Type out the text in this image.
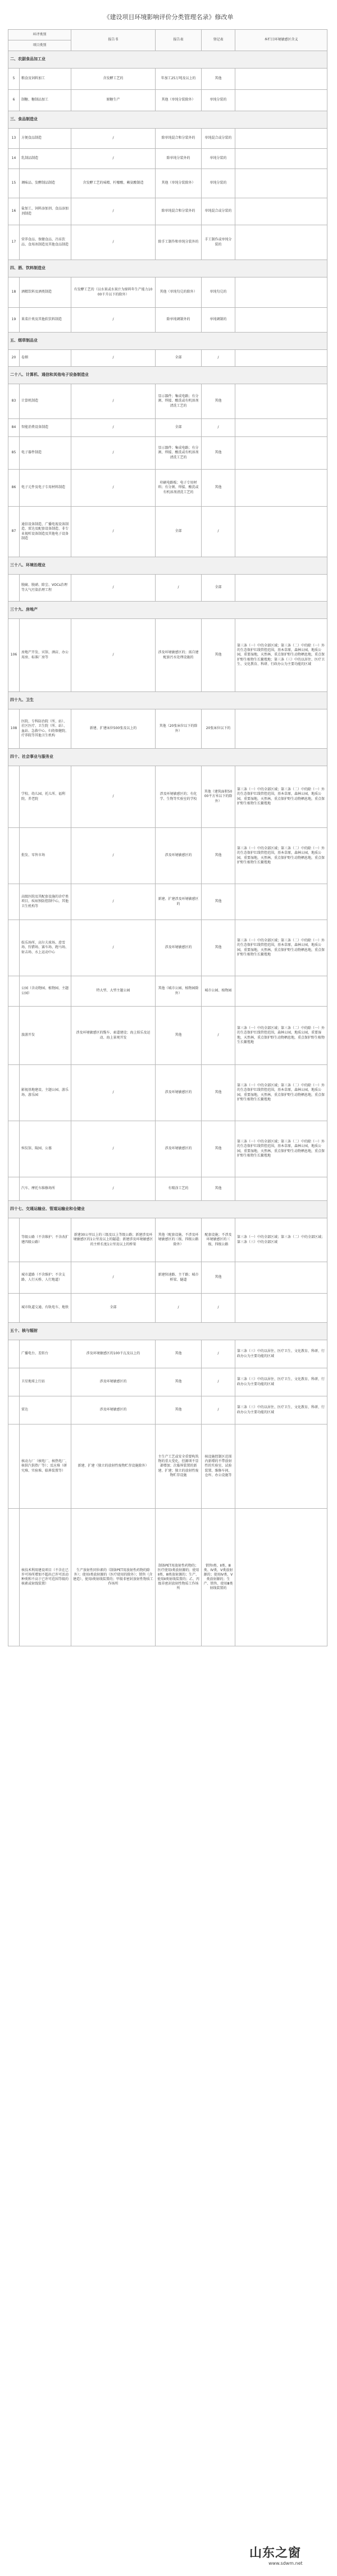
《建设项目环境影响评价分类管理名录》修改单
环评类别		报告书	报告表	登记表	本栏目环境敏感区含义
项目类别					
二、农副食品加工业					
5	粮食及饲料加工	含发酵工艺的	年加工25万吨及以上的	其他	
6	制糖、糖制品加工	原糖生产	其他（单纯分装除外）	单纯分装的	
三、食品制造业					
13	方便食品制造	/	除单纯混合和分装外的	单纯混合或分装的	
14	乳制品制造	/	除单纯分装外的	单纯分装的	
15	调味品、发酵制品制造	含发酵工艺的味精、柠檬酸、赖氨酸制造	其他（单纯分装除外）	单纯分装的	
16	盐加工、饲料添加剂、食品添加剂制造	/	除单纯混合和分装外的	单纯混合或分装的	
17	营养食品、保健食品、冷冻饮品、食用冰制造及其他食品制造	/	除手工制作和单纯分装外的	手工制作或单纯分装的	
四、酒、饮料制造业					
18	酒精饮料及酒类制造	有发酵工艺的（以水果或水果汁为原料年生产能力1000千升以下的除外）	其他（单纯勾兑的除外）	单纯勾兑的	
19	果菜汁类及其他软饮料制造	/	除单纯调制外的	单纯调制的	
五、烟草制品业					
20	卷烟	/	全部	/	
二十八、计算机、通信和其他电子设备制造业					
83	计算机制造	/	显示器件；集成电路；有分割、焊接、酸洗或有机溶剂清洗工艺的	其他	
84	智能消费设备制造	/	全部	/	
85	电子器件制造	/	显示器件；集成电路；有分割、焊接、酸洗或有机溶剂清洗工艺的	其他	
86	电子元件及电子专用材料制造	/	印刷电路板；电子专用材料；有分割、焊接、酸洗或有机溶剂清洗工艺的	其他	
87	通信设备制造、广播电视设备制造、雷达及配套设备制造、非专业视听设备制造及其他电子设备制造	/	全部	/	
三十八、环境治理业					
	脱硫、脱硝、除尘、VOCs治理等大气污染治理工程	/	/	全部	
三十九、房地产					
106	房地产开发、宾馆、酒店、办公用房、标准厂房等	/	涉及环境敏感区的；需自建配套污水处理设施的	其他	第三条（一）中的全部区域；第三条（二）中的除（一）外的生态保护红线管控范围，基本草原，森林公园，地质公园，重要湿地，天然林，重点保护野生动物栖息地，重点保护野生植物生长繁殖地；第三条（三）中的以居住、医疗卫生、文化教育、科研、行政办公为主要功能的区域
四十九、卫生					
108	医院、专科防治院（所、站）、社区医疗、卫生院（所、站）、血站、急救中心、妇幼保健院、疗养院等其他卫生机构	新建、扩建床位500张及以上的	其他（20张床位以下的除外）	20张床位以下的	
四十、社会事业与服务业					
	学校、幼儿园、托儿所、福利院、养老院	/	涉及环境敏感区的；有化学、生物等实验室的学校	其他（建筑面积5000平方米以下的除外）	第三条（一）中的全部区域；第三条（二）中的除（一）外的生态保护红线管控范围，基本草原，森林公园，地质公园，重要湿地，天然林，重点保护野生动物栖息地，重点保护野生植物生长繁殖地
	批发、零售市场	/	涉及环境敏感区的	其他	第三条（一）中的全部区域；第三条（二）中的除（一）外的生态保护红线管控范围，基本草原，森林公园，地质公园，重要湿地，天然林，重点保护野生动物栖息地，重点保护野生植物生长繁殖地
	高级医院及其配套设施的诊疗类项目，疾病预防控制中心，其他卫生机构等	/	新建、扩建涉及环境敏感区的	其他	
	娱乐场所、高尔夫球场、滑雪场、狩猎场、赛车场、跑马场、射击场、水上运动中心	/	涉及环境敏感区的	其他	第三条（一）中的全部区域；第三条（二）中的除（一）外的生态保护红线管控范围，基本草原，森林公园，地质公园，重要湿地，天然林，重点保护野生动物栖息地，重点保护野生植物生长繁殖地
	公园（含动物园、植物园、主题公园）	特大型、大型主题公园	其他（城市公园、植物园除外）	城市公园、植物园	
	旅游开发	涉及环境敏感区的缆车、索道建设；海上娱乐及运动、海上景观开发	其他	/	第三条（一）中的全部区域；第三条（二）中的除（一）外的生态保护红线管控范围，森林公园，地质公园，重要湿地，天然林，重点保护野生动物栖息地，重点保护野生植物生长繁殖地
	影视基地建设、主题公园、游乐场、游乐园	/	涉及环境敏感区的	其他	第三条（一）中的全部区域；第三条（二）中的除（一）外的生态保护红线管控范围，基本草原，森林公园，地质公园，重要湿地，天然林，重点保护野生动物栖息地，重点保护野生植物生长繁殖地
	殡仪馆、陵园、公墓	/	涉及环境敏感区的	其他	第三条（一）中的全部区域；第三条（二）中的除（一）外的生态保护红线管控范围，基本草原，森林公园，地质公园，重要湿地，天然林，重点保护野生动物栖息地，重点保护野生植物生长繁殖地
	汽车、摩托车维修场所	/	有喷涂工艺的	其他	
四十七、交通运输业、管道运输业和仓储业					
	等级公路（不含维护；不含改扩建四级公路）	新建30公里以上的三级及以上等级公路；新建涉及环境敏感区的1公里及以上的隧道；新建涉及环境敏感区的主桥长度1公里及以上的桥梁	其他（配套设施、不涉及环境敏感区的三级、四级公路除外）	配套设施；不涉及环境敏感区的三级、四级公路	第三条（一）中的全部区域；第三条（二）中的全部区域；第三条（三）中的全部区域
	城市道路（不含维护；不含支路、人行天桥、人行地道）	/	新建快速路、主干路；城市桥梁、隧道	其他	
	城市轨道交通、有轨电车、地铁	全部	/	/	
五十、核与辐射					
	广播电台、差转台	涉及环境敏感区的100千瓦及以上的	其他	/	第三条（三）中的以居住、医疗卫生、文化教育、科研、行政办公为主要功能的区域
	卫星地球上行站	涉及环境敏感区的	其他	/	第三条（三）中的以居住、医疗卫生、文化教育、科研、行政办公为主要功能的区域
	雷达	涉及环境敏感区的	其他	/	第三条（三）中的以居住、医疗卫生、文化教育、科研、行政办公为主要功能的区域
	核动力厂（核电厂、核热电厂、核供汽供热厂等）；反应堆（研究堆、实验堆、临界装置等）	新建、扩建（独立的放射性废物贮存设施除外）	主生产工艺或安全重要构筑物的重大变化，但源项不显著增加；次临界装置的新建、扩建；独立的放射性废物贮存设施	核设施控制区范围内新增的不带放射性的实验室、试验装置、维修车间、仓库、办公设施等	
	核技术利用建设项目（不含在已许可场所增加不超出已许可活动种类和不高于已许可范围等级的核素或射线装置）	生产放射性同位素的（制备PET用放射性药物的除外）；使用Ⅰ类放射源的（医疗使用的除外）；销售（含建造）、使用Ⅰ类射线装置的；甲级非密封放射性物质工作场所	制备PET用放射性药物的；医疗使用Ⅰ类放射源的；使用Ⅱ类、Ⅲ类放射源的；生产、使用Ⅱ类射线装置的；乙、丙级非密封放射性物质工作场所	销售Ⅰ类、Ⅱ类、Ⅲ类、Ⅳ类、Ⅴ类放射源的；使用Ⅳ类、Ⅴ类放射源的；生产、销售、使用Ⅲ类射线装置的	
山东之窗
www.sdwm.net
